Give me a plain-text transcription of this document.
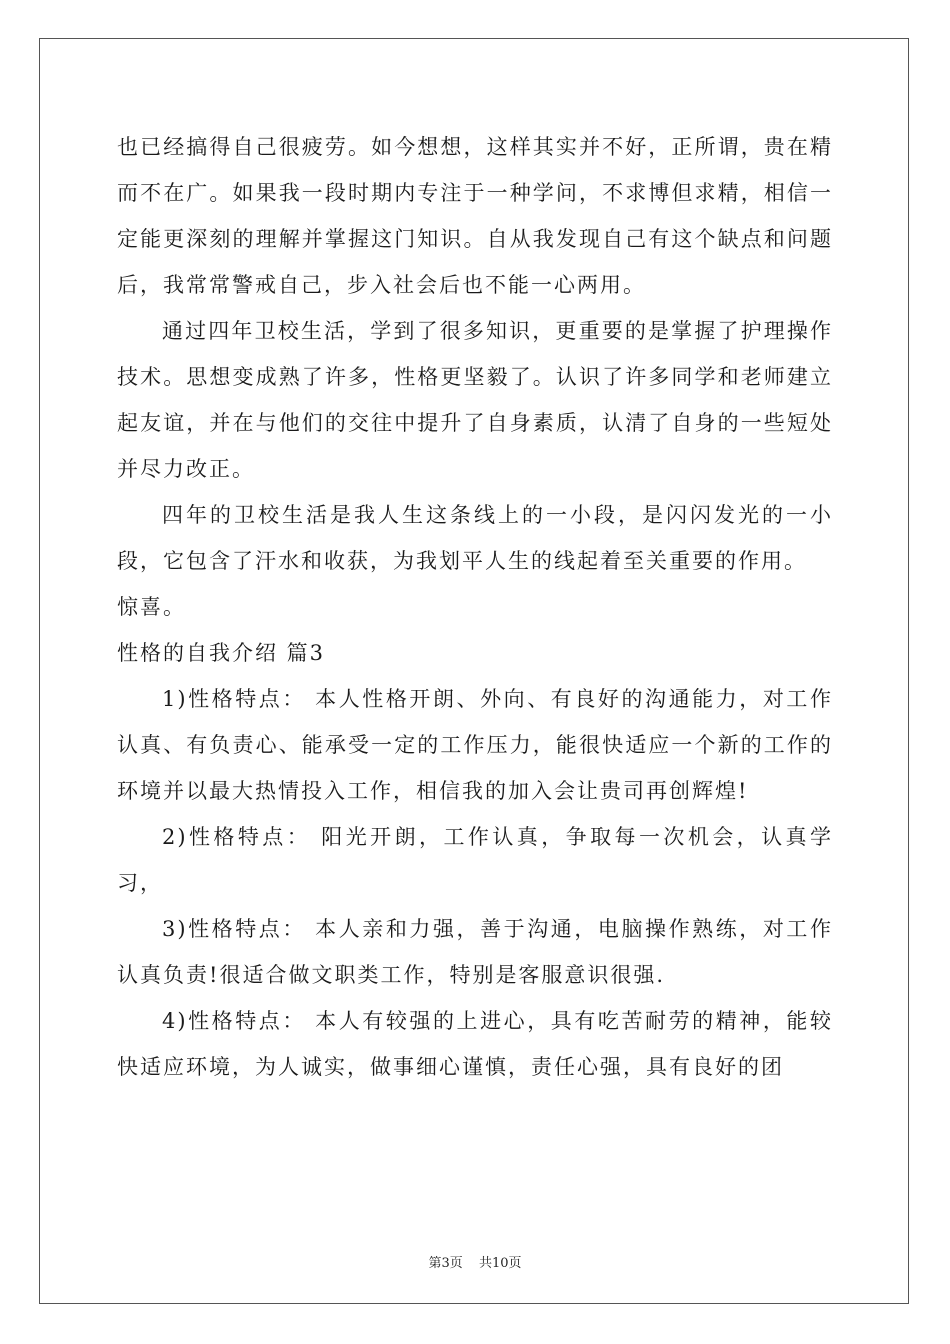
也已经搞得自己很疲劳。如今想想，这样其实并不好，正所谓，贵在精而不在广。如果我一段时期内专注于一种学问，不求博但求精，相信一定能更深刻的理解并掌握这门知识。自从我发现自己有这个缺点和问题后，我常常警戒自己，步入社会后也不能一心两用。

通过四年卫校生活，学到了很多知识，更重要的是掌握了护理操作技术。思想变成熟了许多，性格更坚毅了。认识了许多同学和老师建立起友谊，并在与他们的交往中提升了自身素质，认清了自身的一些短处并尽力改正。

四年的卫校生活是我人生这条线上的一小段，是闪闪发光的一小段，它包含了汗水和收获，为我划平人生的线起着至关重要的作用。

惊喜。

性格的自我介绍 篇3

1)性格特点： 本人性格开朗、外向、有良好的沟通能力，对工作认真、有负责心、能承受一定的工作压力，能很快适应一个新的工作的环境并以最大热情投入工作，相信我的加入会让贵司再创辉煌!

2)性格特点： 阳光开朗，工作认真，争取每一次机会，认真学习，

3)性格特点： 本人亲和力强，善于沟通，电脑操作熟练，对工作认真负责!很适合做文职类工作，特别是客服意识很强.

4)性格特点： 本人有较强的上进心，具有吃苦耐劳的精神，能较快适应环境，为人诚实，做事细心谨慎，责任心强，具有良好的团

第3页 共10页
